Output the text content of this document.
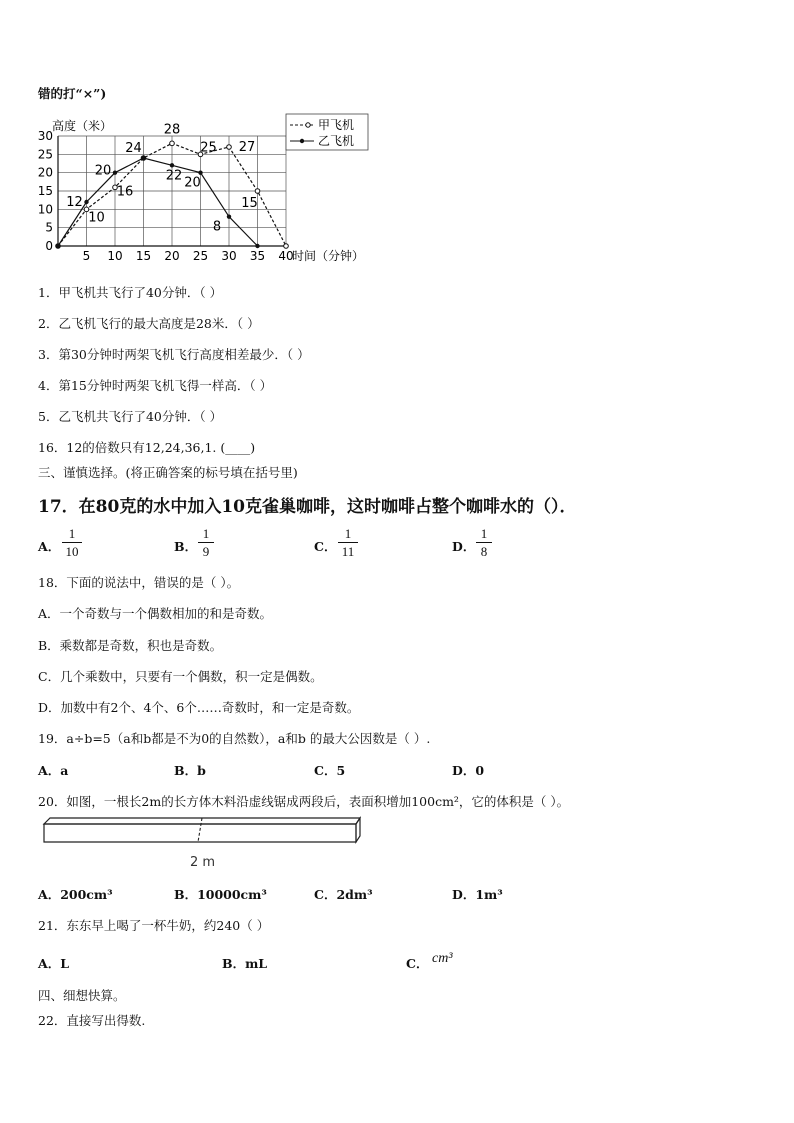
错的打“×”)
5 10 15 20 25 30 35 40
0
5
10
15
20
25
30
高度（米）
时间（分钟）
10
16
28
25 27
15
12
20
24
22 20
8
甲飞机
乙飞机
1．甲飞机共飞行了40分钟．（ ）
2．乙飞机飞行的最大高度是28米．（ ）
3．第30分钟时两架飞机飞行高度相差最少．（ ）
4．第15分钟时两架飞机飞得一样高．（ ）
5．乙飞机共飞行了40分钟．（ ）
16．12的倍数只有12,24,36,1. (____)
三、谨慎选择。(将正确答案的标号填在括号里)
17．在80克的水中加入10克雀巢咖啡，这时咖啡占整个咖啡水的（）．
A．
1
10	B．
1
9	C．
1
11	D．
1
8
18．下面的说法中，错误的是（ ）。
A．一个奇数与一个偶数相加的和是奇数。
B．乘数都是奇数，积也是奇数。
C．几个乘数中，只要有一个偶数，积一定是偶数。
D．加数中有2个、4个、6个……奇数时，和一定是奇数。
19．a÷b=5（a和b都是不为0的自然数），a和b 的最大公因数是（ ）.
A．a	B．b	C．5	D．0
20．如图，一根长2m的长方体木料沿虚线锯成两段后，表面积增加100cm²，它的体积是（ ）。
2 m
A．200cm³	B．10000cm³	C．2dm³	D．1m³
21．东东早上喝了一杯牛奶，约240（ ）
A．L	B．mL	C． cm³
四、细想快算。
22．直接写出得数.
